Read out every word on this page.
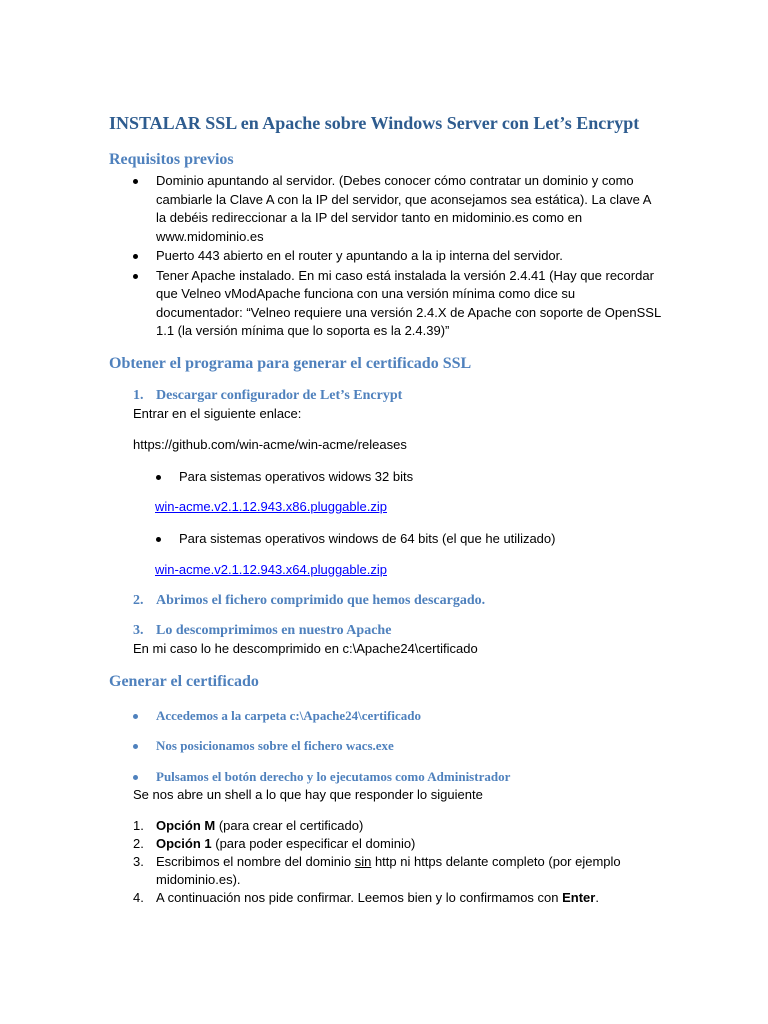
INSTALAR SSL en Apache sobre Windows Server con Let’s Encrypt
Requisitos previos
Dominio apuntando al servidor. (Debes conocer cómo contratar un dominio y como cambiarle la Clave A con la IP del servidor, que aconsejamos sea estática). La clave A la debéis redireccionar a la IP del servidor tanto en midominio.es como en www.midominio.es
Puerto 443 abierto en el router y apuntando a la ip interna del servidor.
Tener Apache instalado. En mi caso está instalada la versión 2.4.41 (Hay que recordar que Velneo vModApache funciona con una versión mínima como dice su documentador: “Velneo requiere una versión 2.4.X de Apache con soporte de OpenSSL 1.1 (la versión mínima que lo soporta es la 2.4.39)”
Obtener el programa para generar el certificado SSL
1. Descargar configurador de Let’s Encrypt
Entrar en el siguiente enlace:
https://github.com/win-acme/win-acme/releases
Para sistemas operativos widows 32 bits
win-acme.v2.1.12.943.x86.pluggable.zip
Para sistemas operativos windows de 64 bits (el que he utilizado)
win-acme.v2.1.12.943.x64.pluggable.zip
2. Abrimos el fichero comprimido que hemos descargado.
3. Lo descomprimimos en nuestro Apache
En mi caso lo he descomprimido en c:\Apache24\certificado
Generar el certificado
Accedemos a la carpeta c:\Apache24\certificado
Nos posicionamos sobre el fichero wacs.exe
Pulsamos el botón derecho y lo ejecutamos como Administrador
Se nos abre un shell a lo que hay que responder lo siguiente
1. Opción M (para crear el certificado)
2. Opción 1 (para poder especificar el dominio)
3. Escribimos el nombre del dominio sin http ni https delante completo (por ejemplo midominio.es).
4. A continuación nos pide confirmar. Leemos bien y lo confirmamos con Enter.
